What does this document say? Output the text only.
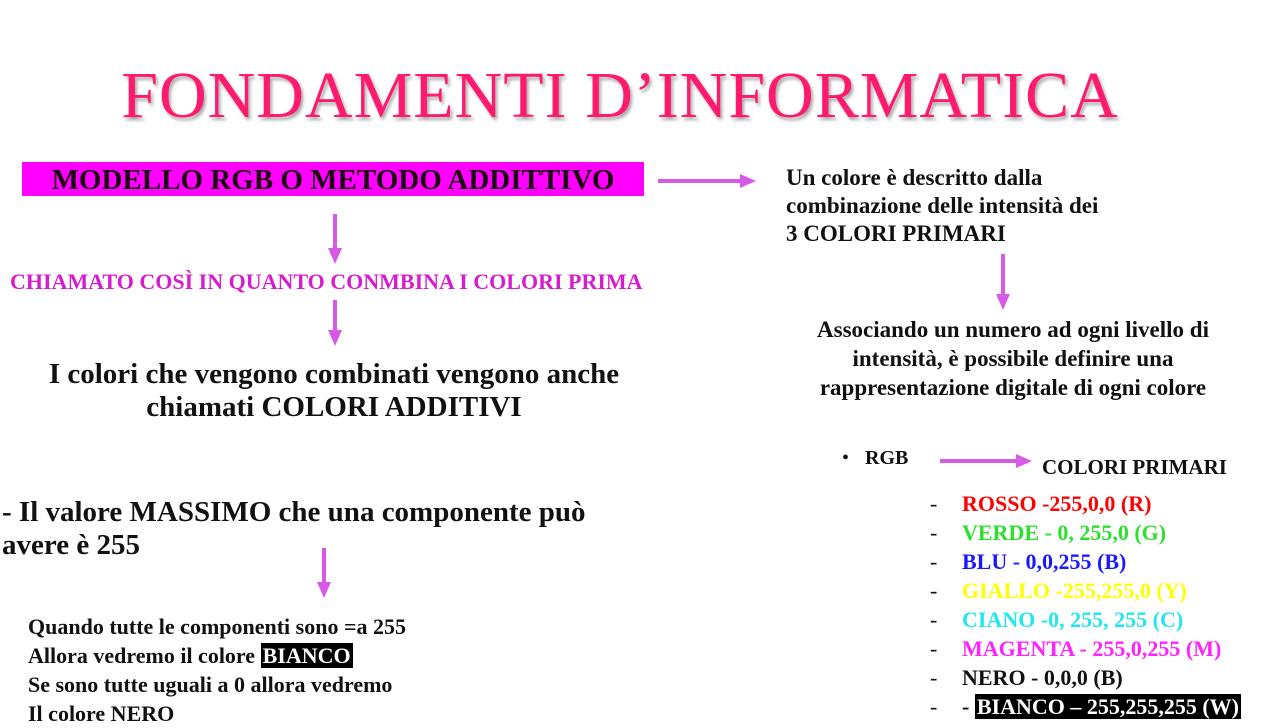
FONDAMENTI D’INFORMATICA
MODELLO RGB O METODO ADDITTIVO
CHIAMATO COSÌ IN QUANTO CONMBINA I COLORI PRIMA
I colori che vengono combinati vengono anche
chiamati COLORI ADDITIVI
- Il valore MASSIMO che una componente può
avere è 255
Quando tutte le componenti sono =a 255
Allora vedremo il colore BIANCO
Se sono tutte uguali a 0 allora vedremo
Il colore NERO
Un colore è descritto dalla
combinazione delle intensità dei
3 COLORI PRIMARI
Associando un numero ad ogni livello di
intensità, è possibile definire una
rappresentazione digitale di ogni colore
• RGB	COLORI PRIMARI
- ROSSO -255,0,0 (R)
- VERDE - 0, 255,0 (G)
- BLU - 0,0,255 (B)
- GIALLO -255,255,0 (Y)
- CIANO -0, 255, 255 (C)
- MAGENTA - 255,0,255 (M)
- NERO - 0,0,0 (B)
- - BIANCO – 255,255,255 (W)
